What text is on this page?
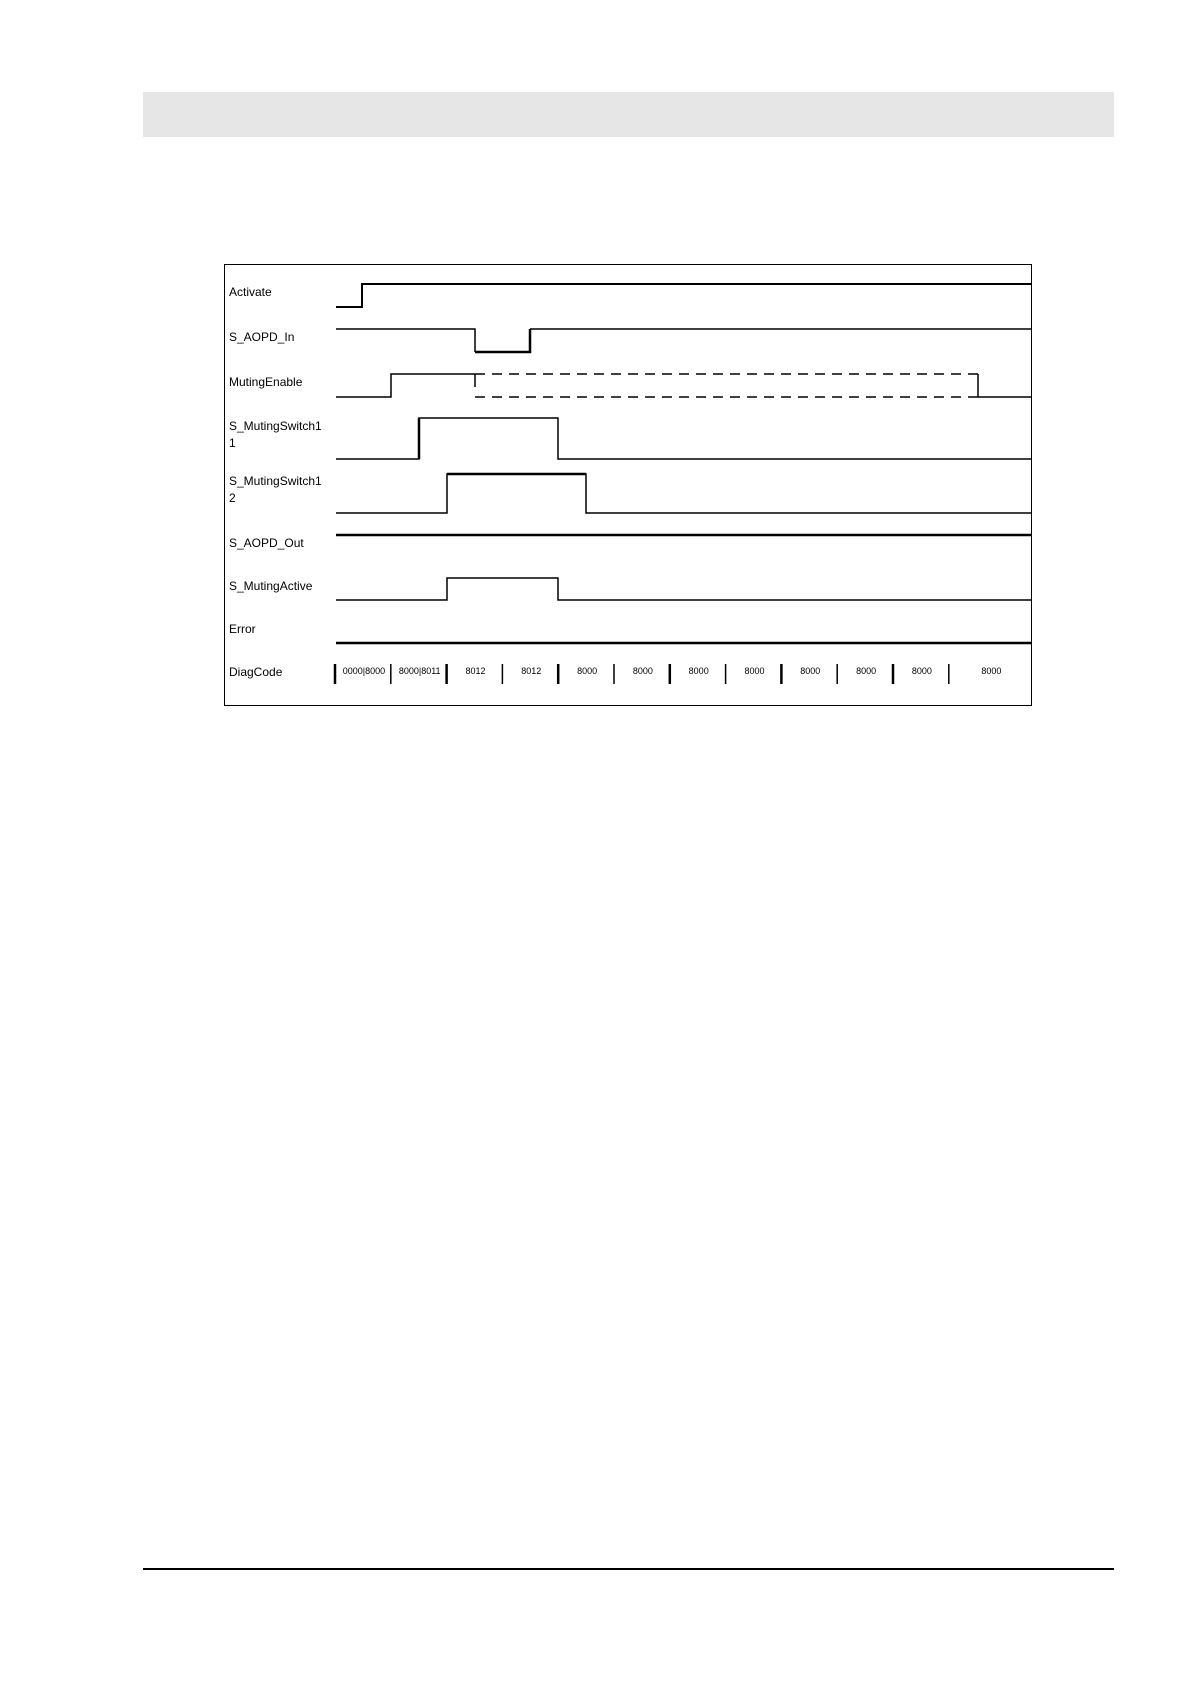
Activate
S_AOPD_In
MutingEnable
S_MutingSwitch1
1
S_MutingSwitch1
2
S_AOPD_Out
S_MutingActive
Error
DiagCode	0000|8000 8000|8011	8012	8012	8000	8000	8000	8000	8000	8000	8000	8000
